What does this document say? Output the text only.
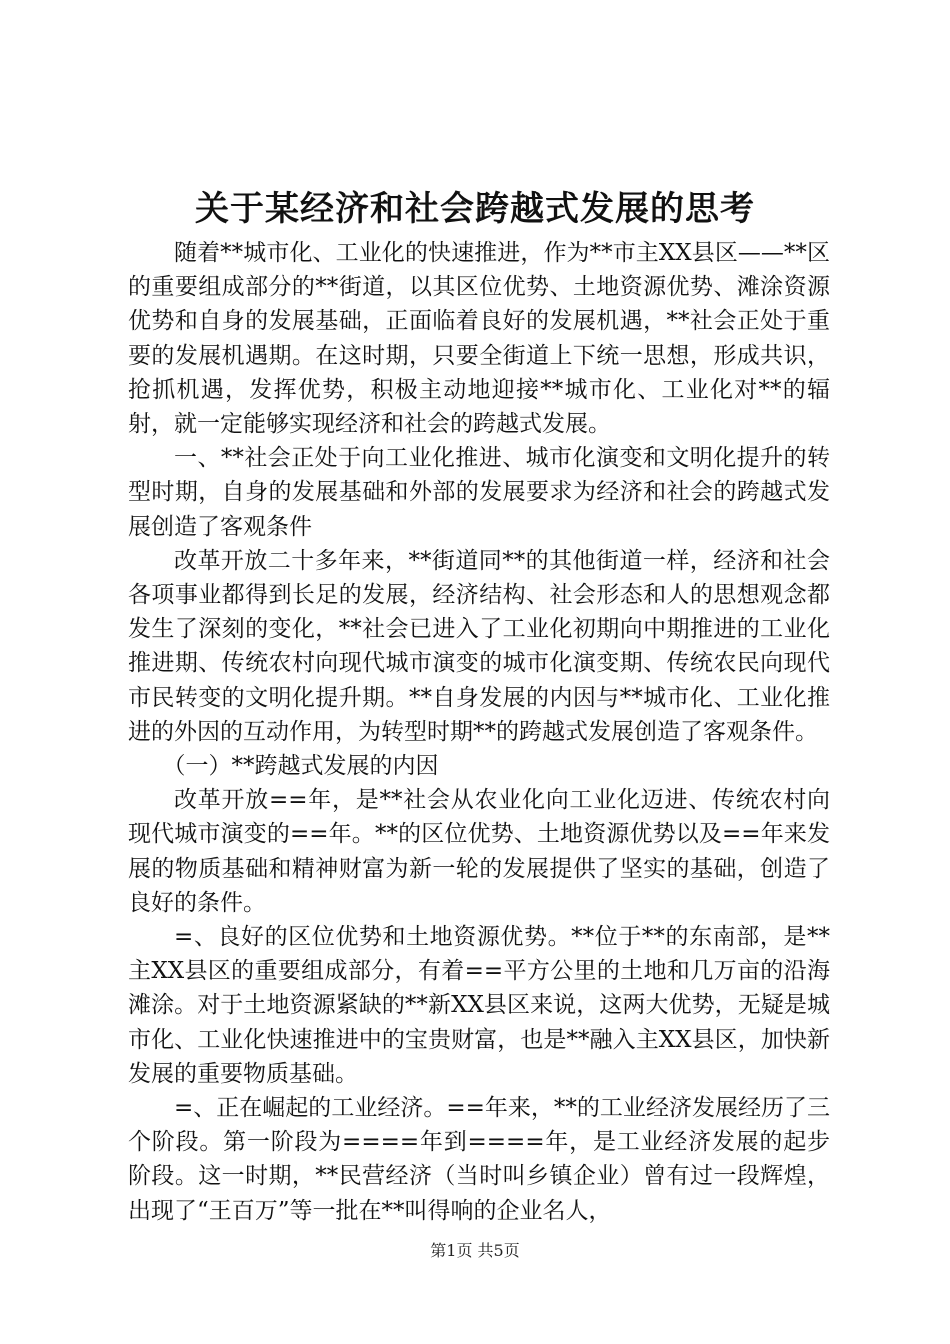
关于某经济和社会跨越式发展的思考

随着**城市化、工业化的快速推进，作为**市主XX县区——**区的重要组成部分的**街道，以其区位优势、土地资源优势、滩涂资源优势和自身的发展基础，正面临着良好的发展机遇，**社会正处于重要的发展机遇期。在这时期，只要全街道上下统一思想，形成共识，抢抓机遇，发挥优势，积极主动地迎接**城市化、工业化对**的辐射，就一定能够实现经济和社会的跨越式发展。

一、**社会正处于向工业化推进、城市化演变和文明化提升的转型时期，自身的发展基础和外部的发展要求为经济和社会的跨越式发展创造了客观条件

改革开放二十多年来，**街道同**的其他街道一样，经济和社会各项事业都得到长足的发展，经济结构、社会形态和人的思想观念都发生了深刻的变化，**社会已进入了工业化初期向中期推进的工业化推进期、传统农村向现代城市演变的城市化演变期、传统农民向现代市民转变的文明化提升期。**自身发展的内因与**城市化、工业化推进的外因的互动作用，为转型时期**的跨越式发展创造了客观条件。

（一）**跨越式发展的内因

改革开放==年，是**社会从农业化向工业化迈进、传统农村向现代城市演变的==年。**的区位优势、土地资源优势以及==年来发展的物质基础和精神财富为新一轮的发展提供了坚实的基础，创造了良好的条件。

=、良好的区位优势和土地资源优势。**位于**的东南部，是**主XX县区的重要组成部分，有着==平方公里的土地和几万亩的沿海滩涂。对于土地资源紧缺的**新XX县区来说，这两大优势，无疑是城市化、工业化快速推进中的宝贵财富，也是**融入主XX县区，加快新发展的重要物质基础。

=、正在崛起的工业经济。==年来，**的工业经济发展经历了三个阶段。第一阶段为====年到====年，是工业经济发展的起步阶段。这一时期，**民营经济（当时叫乡镇企业）曾有过一段辉煌，出现了“王百万”等一批在**叫得响的企业名人，

第1页 共5页
